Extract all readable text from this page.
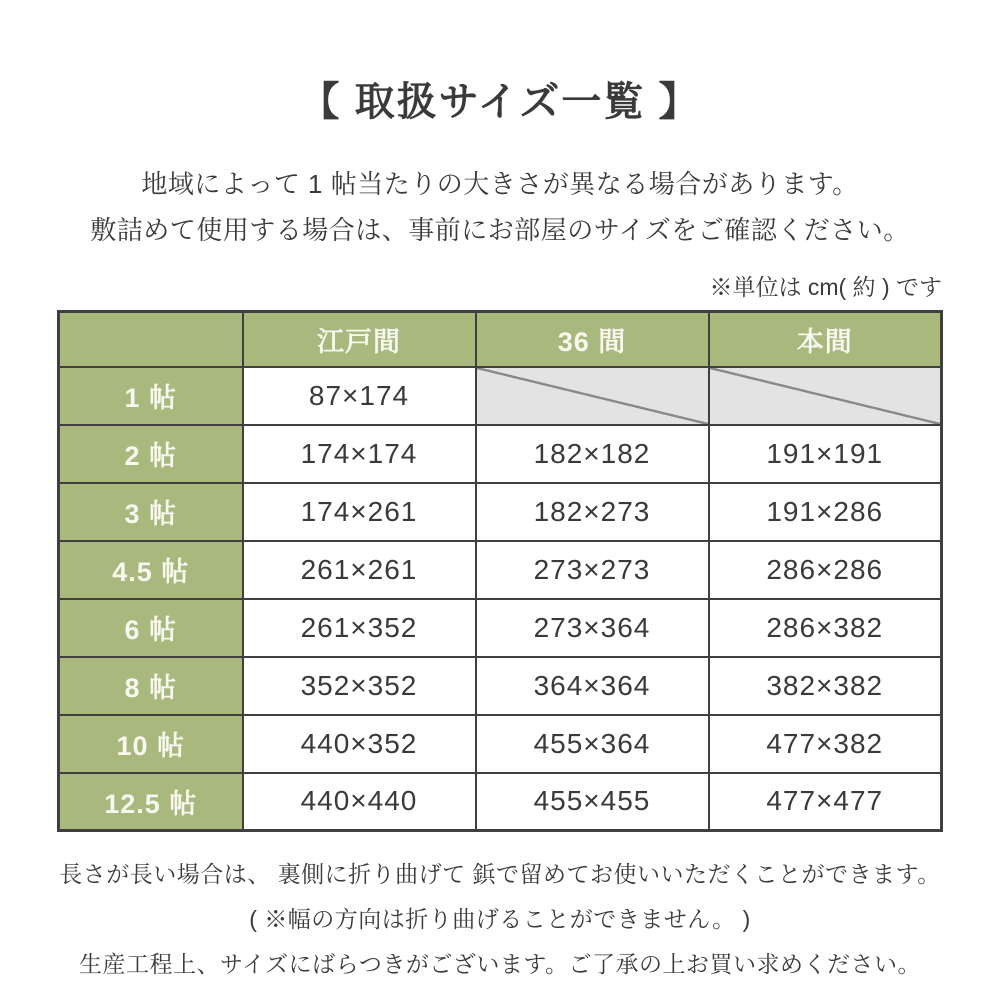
【 取扱サイズ一覧 】

地域によって 1 帖当たりの大きさが異なる場合があります。

敷詰めて使用する場合は、事前にお部屋のサイズをご確認ください。

※単位は cm( 約 ) です
	江戸間	36 間	本間
1 帖	87×174		
2 帖	174×174	182×182	191×191
3 帖	174×261	182×273	191×286
4.5 帖	261×261	273×273	286×286
6 帖	261×352	273×364	286×382
8 帖	352×352	364×364	382×382
10 帖	440×352	455×364	477×382
12.5 帖	440×440	455×455	477×477

長さが長い場合は、 裏側に折り曲げて 鋲で留めてお使いいただくことができます。

( ※幅の方向は折り曲げることができません。 )

生産工程上、サイズにばらつきがございます。ご了承の上お買い求めください。
